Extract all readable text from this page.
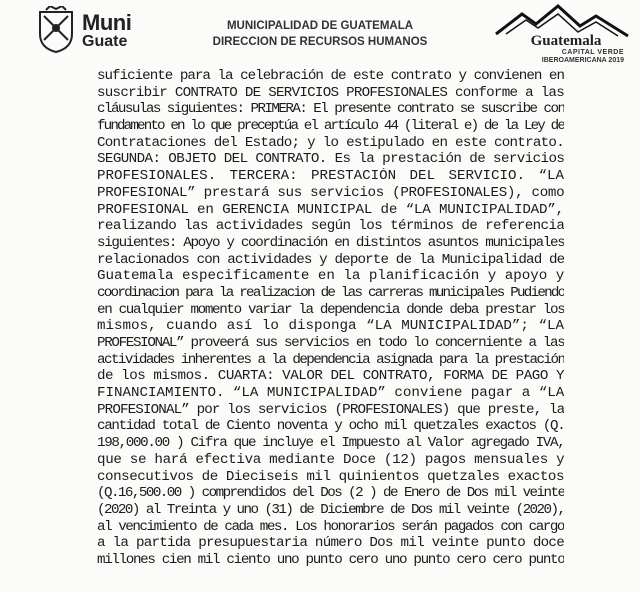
Muni
Guate
MUNICIPALIDAD DE GUATEMALA
DIRECCION DE RECURSOS HUMANOS	Guatemala
CAPITAL VERDE
IBEROAMERICANA 2019
suficiente para la celebración de este contrato y convienen en
suscribir CONTRATO DE SERVICIOS PROFESIONALES conforme a las
cláusulas siguientes: PRIMERA: El presente contrato se suscribe con
fundamento en lo que preceptúa el artículo 44 (literal e) de la Ley de
Contrataciones del Estado; y lo estipulado en este contrato.
SEGUNDA: OBJETO DEL CONTRATO. Es la prestación de servicios
PROFESIONALES. TERCERA: PRESTACIÓN DEL SERVICIO. “LA
PROFESIONAL” prestará sus servicios (PROFESIONALES), como
PROFESIONAL en GERENCIA MUNICIPAL de “LA MUNICIPALIDAD”,
realizando las actividades según los términos de referencia
siguientes: Apoyo y coordinación en distintos asuntos municipales
relacionados con actividades y deporte de la Municipalidad de
Guatemala especificamente en la planificación y apoyo y
coordinacion para la realizacion de las carreras municipales Pudiendo
en cualquier momento variar la dependencia donde deba prestar los
mismos, cuando así lo disponga “LA MUNICIPALIDAD”; “LA
PROFESIONAL” proveerá sus servicios en todo lo concerniente a las
actividades inherentes a la dependencia asignada para la prestación
de los mismos. CUARTA: VALOR DEL CONTRATO, FORMA DE PAGO Y
FINANCIAMIENTO. “LA MUNICIPALIDAD” conviene pagar a “LA
PROFESIONAL” por los servicios (PROFESIONALES) que preste, la
cantidad total de Ciento noventa y ocho mil quetzales exactos (Q.
198,000.00 ) Cifra que incluye el Impuesto al Valor agregado IVA,
que se hará efectiva mediante Doce (12) pagos mensuales y
consecutivos de Dieciseis mil quinientos quetzales exactos
(Q.16,500.00 ) comprendidos del Dos (2 ) de Enero de Dos mil veinte
(2020) al Treinta y uno (31) de Diciembre de Dos mil veinte (2020),
al vencimiento de cada mes. Los honorarios serán pagados con cargo
a la partida presupuestaria número Dos mil veinte punto doce
millones cien mil ciento uno punto cero uno punto cero cero punto
